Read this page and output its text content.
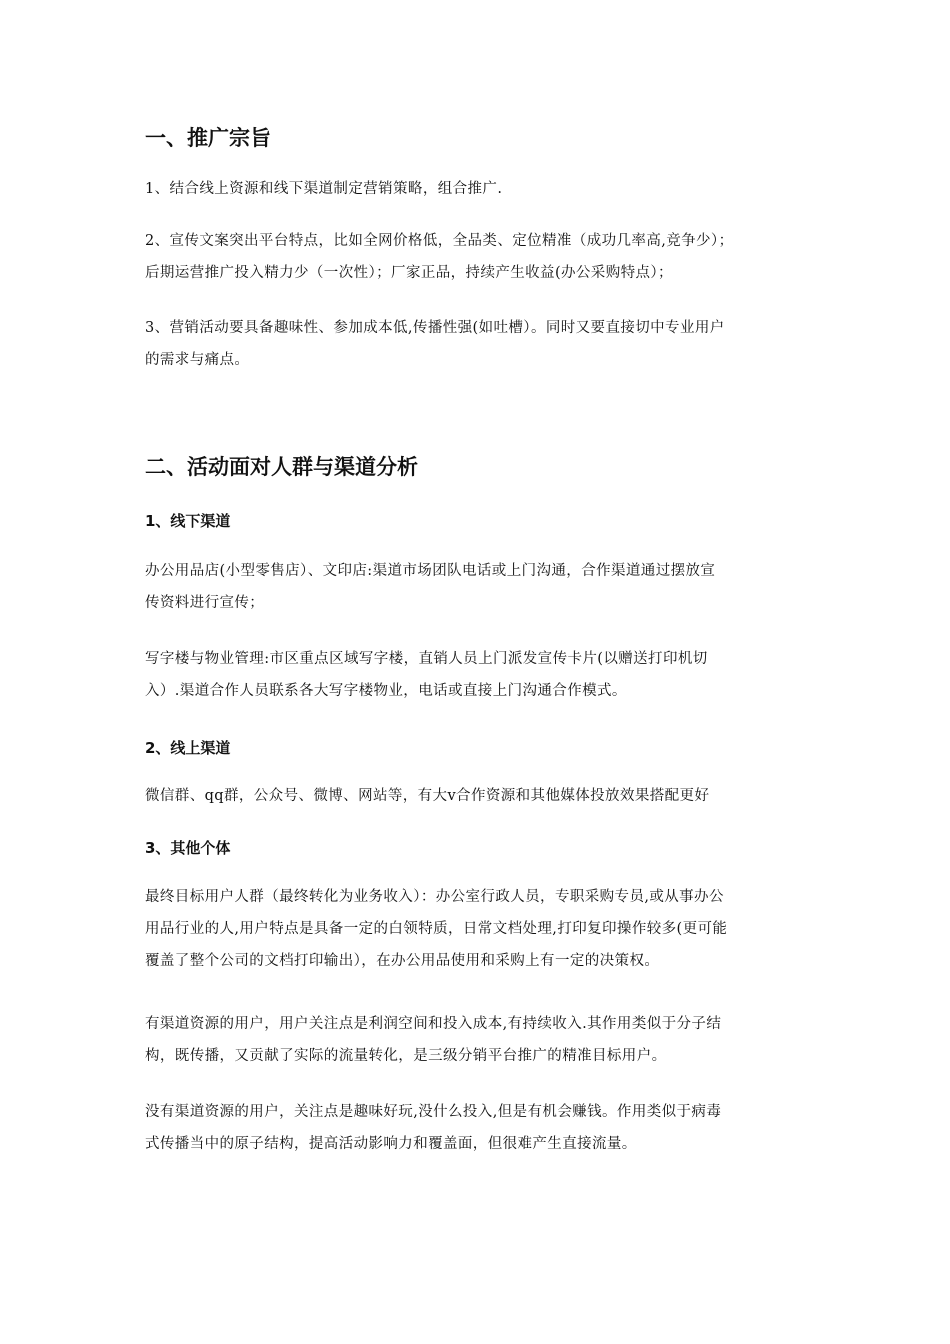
一、推广宗旨

1、结合线上资源和线下渠道制定营销策略，组合推广.

2、宣传文案突出平台特点，比如全网价格低，全品类、定位精准（成功几率高,竞争少）；
后期运营推广投入精力少（一次性）；厂家正品，持续产生收益(办公采购特点）；

3、营销活动要具备趣味性、参加成本低,传播性强(如吐槽）。同时又要直接切中专业用户
的需求与痛点。

二、活动面对人群与渠道分析
1、线下渠道

办公用品店(小型零售店）、文印店:渠道市场团队电话或上门沟通，合作渠道通过摆放宣
传资料进行宣传；

写字楼与物业管理:市区重点区域写字楼，直销人员上门派发宣传卡片(以赠送打印机切
入）.渠道合作人员联系各大写字楼物业，电话或直接上门沟通合作模式。

2、线上渠道

微信群、qq群，公众号、微博、网站等，有大v合作资源和其他媒体投放效果搭配更好

3、其他个体

最终目标用户人群（最终转化为业务收入）：办公室行政人员，专职采购专员,或从事办公
用品行业的人,用户特点是具备一定的白领特质，日常文档处理,打印复印操作较多(更可能
覆盖了整个公司的文档打印输出），在办公用品使用和采购上有一定的决策权。

有渠道资源的用户，用户关注点是利润空间和投入成本,有持续收入.其作用类似于分子结
构，既传播，又贡献了实际的流量转化，是三级分销平台推广的精准目标用户。

没有渠道资源的用户，关注点是趣味好玩,没什么投入,但是有机会赚钱。作用类似于病毒
式传播当中的原子结构，提高活动影响力和覆盖面，但很难产生直接流量。
